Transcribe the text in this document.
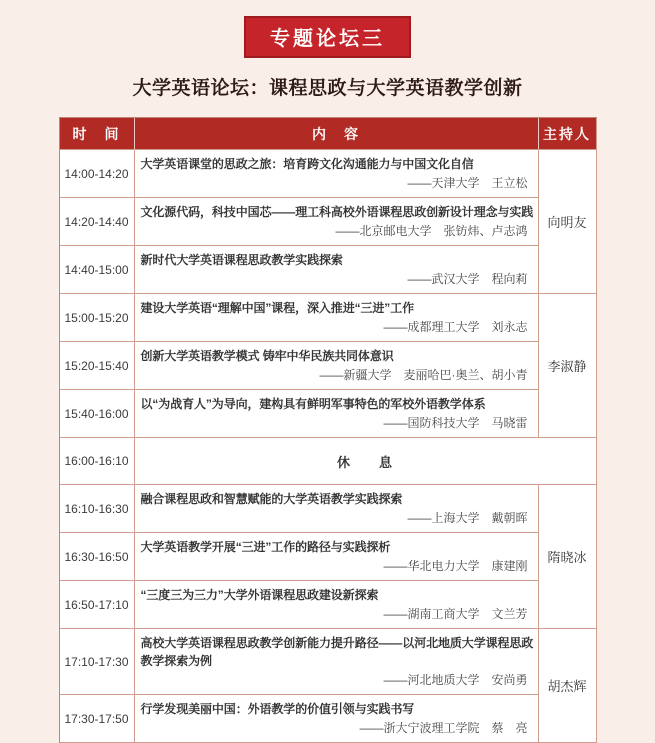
专题论坛三
大学英语论坛：课程思政与大学英语教学创新
时　间	内　容	主持人
14:00-14:20	大学英语课堂的思政之旅：培育跨文化沟通能力与中国文化自信
——天津大学　王立松	向明友
14:20-14:40	文化源代码，科技中国芯——理工科高校外语课程思政创新设计理念与实践
——北京邮电大学　张钫炜、卢志鸿	

14:40-15:00	新时代大学英语课程思政教学实践探索
——武汉大学　程向莉	

15:00-15:20	建设大学英语“理解中国”课程，深入推进“三进”工作
——成都理工大学　刘永志	李淑静
15:20-15:40	创新大学英语教学模式 铸牢中华民族共同体意识
——新疆大学　麦丽哈巴·奥兰、胡小青	

15:40-16:00	以“为战育人”为导向，建构具有鲜明军事特色的军校外语教学体系
——国防科技大学　马晓雷	

16:00-16:10	休　　息	
16:10-16:30	融合课程思政和智慧赋能的大学英语教学实践探索
——上海大学　戴朝晖	隋晓冰
16:30-16:50	大学英语教学开展“三进”工作的路径与实践探析
——华北电力大学　康建刚	

16:50-17:10	“三度三为三力”大学外语课程思政建设新探索
——湖南工商大学　文兰芳	

17:10-17:30	高校大学英语课程思政教学创新能力提升路径——以河北地质大学课程思政教学探索为例
——河北地质大学　安尚勇	胡杰辉
17:30-17:50	行学发现美丽中国：外语教学的价值引领与实践书写
——浙大宁波理工学院　蔡　亮	
